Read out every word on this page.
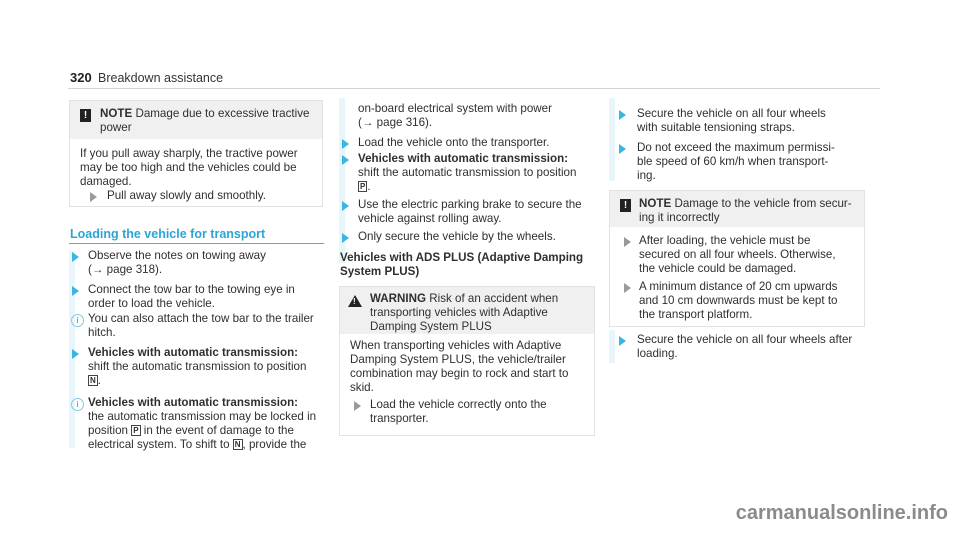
320 Breakdown assistance
!	NOTE Damage due to excessive tractive
power
If you pull away sharply, the tractive power
may be too high and the vehicles could be
damaged.
Pull away slowly and smoothly.
Loading the vehicle for transport
Observe the notes on towing away
(→ page 318).
Connect the tow bar to the towing eye in
order to load the vehicle.
i You can also attach the tow bar to the trailer
hitch.
Vehicles with automatic transmission:
shift the automatic transmission to position
N .
i Vehicles with automatic transmission:
the automatic transmission may be locked in
position P in the event of damage to the
electrical system. To shift to N , provide the
on-board electrical system with power
(→ page 316).
Load the vehicle onto the transporter.
Vehicles with automatic transmission:
shift the automatic transmission to position
P .
Use the electric parking brake to secure the
vehicle against rolling away.
Only secure the vehicle by the wheels.
Vehicles with ADS PLUS (Adaptive Damping
System PLUS)
! WARNING Risk of an accident when
transporting vehicles with Adaptive
Damping System PLUS
When transporting vehicles with Adaptive
Damping System PLUS, the vehicle/trailer
combination may begin to rock and start to
skid.
Load the vehicle correctly onto the
transporter.
Secure the vehicle on all four wheels
with suitable tensioning straps.
Do not exceed the maximum permissi-
ble speed of 60 km/h when transport-
ing.
!	NOTE Damage to the vehicle from secur-
ing it incorrectly
After loading, the vehicle must be
secured on all four wheels. Otherwise,
the vehicle could be damaged.
A minimum distance of 20 cm upwards
and 10 cm downwards must be kept to
the transport platform.
Secure the vehicle on all four wheels after
loading.
carmanualsonline.info
